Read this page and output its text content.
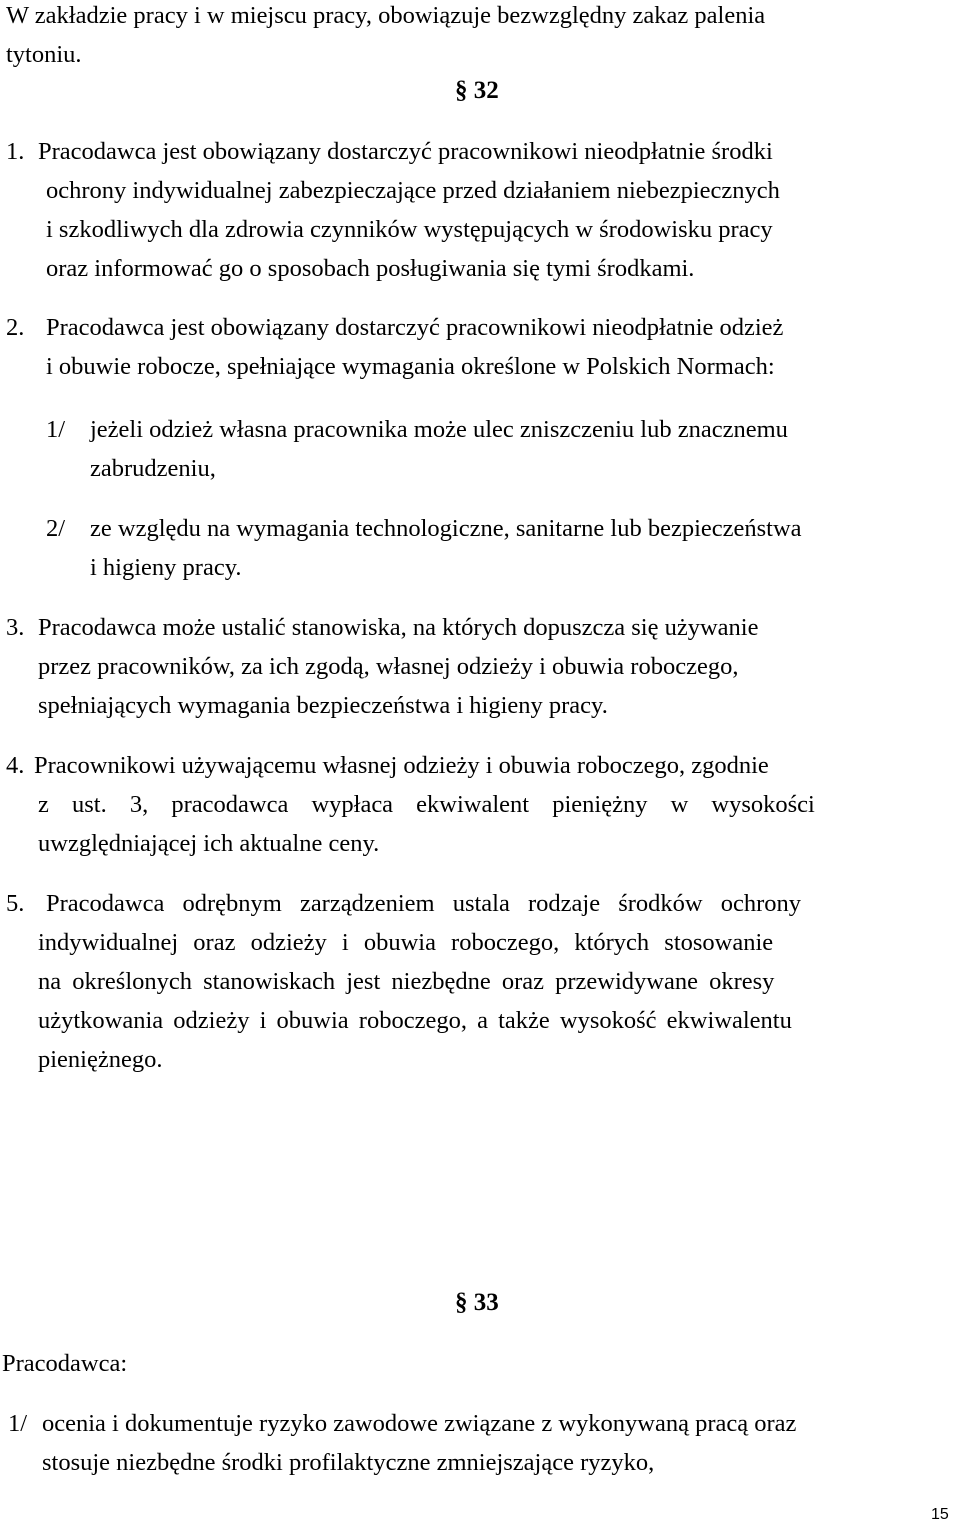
W zakładzie pracy i w miejscu pracy, obowiązuje bezwzględny zakaz palenia
tytoniu.
§ 32
1. Pracodawca jest obowiązany dostarczyć pracownikowi nieodpłatnie środki
ochrony indywidualnej zabezpieczające przed działaniem niebezpiecznych
i szkodliwych dla zdrowia czynników występujących w środowisku pracy
oraz informować go o sposobach posługiwania się tymi środkami.
2. Pracodawca jest obowiązany dostarczyć pracownikowi nieodpłatnie odzież
i obuwie robocze, spełniające wymagania określone w Polskich Normach:
1/ jeżeli odzież własna pracownika może ulec zniszczeniu lub znacznemu
zabrudzeniu,
2/ ze względu na wymagania technologiczne, sanitarne lub bezpieczeństwa
i higieny pracy.
3. Pracodawca może ustalić stanowiska, na których dopuszcza się używanie
przez pracowników, za ich zgodą, własnej odzieży i obuwia roboczego,
spełniających wymagania bezpieczeństwa i higieny pracy.
4. Pracownikowi używającemu własnej odzieży i obuwia roboczego, zgodnie
z ust. 3, pracodawca wypłaca ekwiwalent pieniężny w wysokości
uwzględniającej ich aktualne ceny.
5. Pracodawca odrębnym zarządzeniem ustala rodzaje środków ochrony
indywidualnej oraz odzieży i obuwia roboczego, których stosowanie
na określonych stanowiskach jest niezbędne oraz przewidywane okresy
użytkowania odzieży i obuwia roboczego, a także wysokość ekwiwalentu
pieniężnego.
§ 33
Pracodawca:
1/ ocenia i dokumentuje ryzyko zawodowe związane z wykonywaną pracą oraz
stosuje niezbędne środki profilaktyczne zmniejszające ryzyko,
15
